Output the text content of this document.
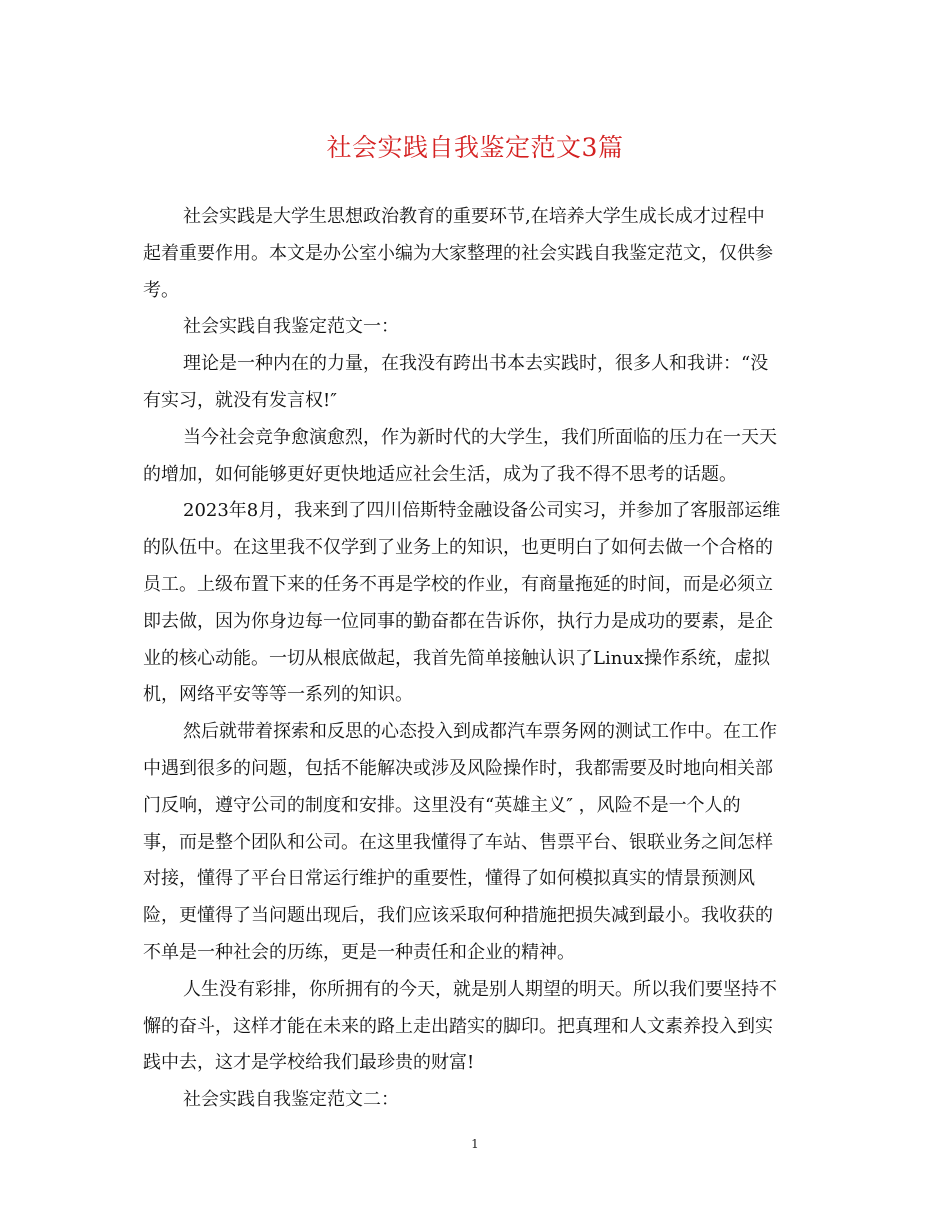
社会实践自我鉴定范文3篇
社会实践是大学生思想政治教育的重要环节,在培养大学生成长成才过程中
起着重要作用。本文是办公室小编为大家整理的社会实践自我鉴定范文，仅供参
考。
社会实践自我鉴定范文一：
理论是一种内在的力量，在我没有跨出书本去实践时，很多人和我讲：“没
有实习，就没有发言权!″
当今社会竞争愈演愈烈，作为新时代的大学生，我们所面临的压力在一天天
的增加，如何能够更好更快地适应社会生活，成为了我不得不思考的话题。
2023年8月，我来到了四川倍斯特金融设备公司实习，并参加了客服部运维
的队伍中。在这里我不仅学到了业务上的知识，也更明白了如何去做一个合格的
员工。上级布置下来的任务不再是学校的作业，有商量拖延的时间，而是必须立
即去做，因为你身边每一位同事的勤奋都在告诉你，执行力是成功的要素，是企
业的核心动能。一切从根底做起，我首先简单接触认识了Linux操作系统，虚拟
机，网络平安等等一系列的知识。
然后就带着探索和反思的心态投入到成都汽车票务网的测试工作中。在工作
中遇到很多的问题，包括不能解决或涉及风险操作时，我都需要及时地向相关部
门反响，遵守公司的制度和安排。这里没有“英雄主义″ ，风险不是一个人的
事，而是整个团队和公司。在这里我懂得了车站、售票平台、银联业务之间怎样
对接，懂得了平台日常运行维护的重要性，懂得了如何模拟真实的情景预测风
险，更懂得了当问题出现后，我们应该采取何种措施把损失减到最小。我收获的
不单是一种社会的历练，更是一种责任和企业的精神。
人生没有彩排，你所拥有的今天，就是别人期望的明天。所以我们要坚持不
懈的奋斗，这样才能在未来的路上走出踏实的脚印。把真理和人文素养投入到实
践中去，这才是学校给我们最珍贵的财富!
社会实践自我鉴定范文二：
1
